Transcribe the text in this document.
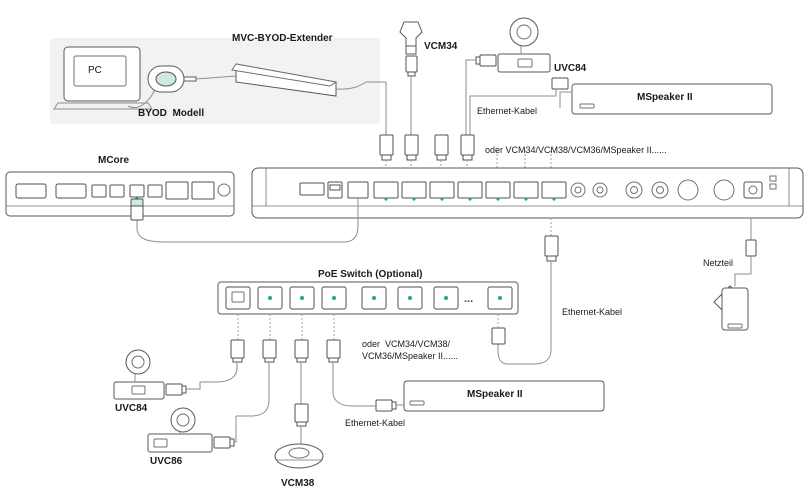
PC
MVC-BYOD-Extender
BYOD  Modell
VCM34
UVC84
MSpeaker II
Ethernet-Kabel
oder VCM34/VCM38/VCM36/MSpeaker II......
MCore
PoE Switch (Optional)
...
oder  VCM34/VCM38/
VCM36/MSpeaker II......
Ethernet-Kabel
Ethernet-Kabel
MSpeaker II
UVC84
UVC86
VCM38
Netzteil
